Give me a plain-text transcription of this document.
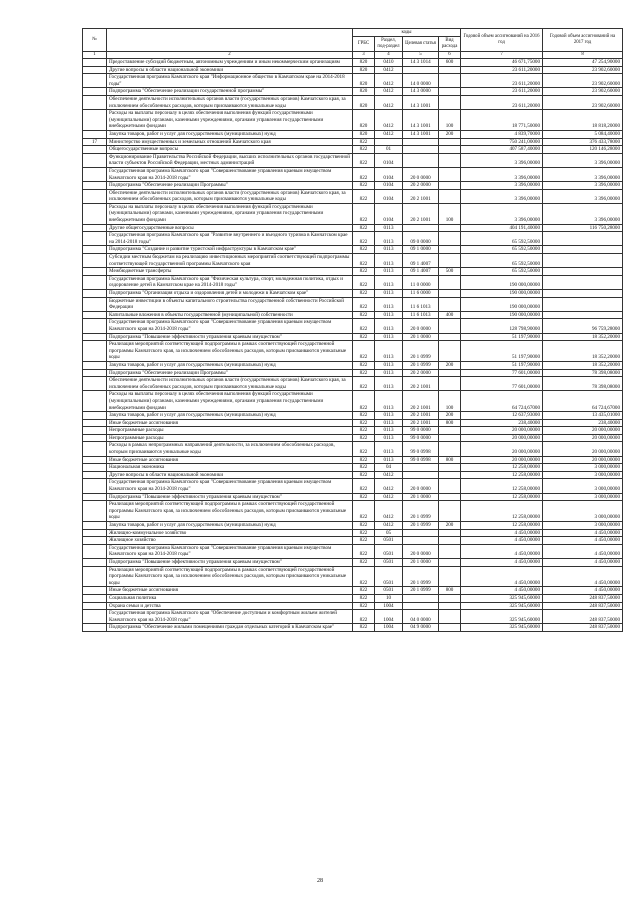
№		коды				Годовой объем ассигнований на 2016 год	Годовой объем ассигнований на 2017 год
		ГРБС	Раздел, под-раздел	Целевая статья	Вид расхода		
1	2	3	4	5	6	7	8
	Предоставление субсидий бюджетным, автономным учреждениям и иным некоммерческим организациям	820	0410	14 3 1014	600	46 671,75000	47 254,90000
	Другие вопросы в области национальной экономики	820	0412			23 611,20000	23 902,60000
	Государственная программа Камчатского края "Информационное общество в Камчатском крае на 2014-2018 годы"	820	0412	14 0 0000		23 611,20000	23 902,60000
	Подпрограмма "Обеспечение реализации государственной программы"	820	0412	14 3 0000		23 611,20000	23 902,60000
	Обеспечение деятельности исполнительных органов власти (государственных органов) Камчатского края, за исключением обособленных расходов, которым присваиваются уникальные коды	820	0412	14 3 1001		23 611,20000	23 902,60000
	Расходы на выплаты персоналу в целях обеспечения выполнения функций государственными (муниципальными) органами, казенными учреждениями, органами управления государственными внебюджетными фондами	820	0412	14 3 1001	100	18 771,50000	18 818,20000
	Закупка товаров, работ и услуг для государственных (муниципальных) нужд	820	0412	14 3 1001	200	4 839,70000	5 084,40000
17	Министерство имущественных и земельных отношений Камчатского края	822				750 241,00000	376 433,78000
	Общегосударственные вопросы	822	01			407 587,40000	120 146,28000
	Функционирование Правительства Российской Федерации, высших исполнительных органов государственной власти субъектов Российской Федерации, местных администраций	822	0104			3 396,00000	3 396,00000
	Государственная программа Камчатского края "Совершенствование управления краевым имуществом Камчатского края на 2014-2018 годы"	822	0104	20 0 0000		3 396,00000	3 396,00000
	Подпрограмма "Обеспечение реализации Программы"	822	0104	20 2 0000		3 396,00000	3 396,00000
	Обеспечение деятельности исполнительных органов власти (государственных органов) Камчатского края, за исключением обособленных расходов, которым присваиваются уникальные коды	822	0104	20 2 1001		3 396,00000	3 396,00000
	Расходы на выплаты персоналу в целях обеспечения выполнения функций государственными (муниципальными) органами, казенными учреждениями, органами управления государственными внебюджетными фондами	822	0104	20 2 1001	100	3 396,00000	3 396,00000
	Другие общегосударственные вопросы	822	0113			404 191,40000	116 750,28000
	Государственная программа Камчатского края "Развитие внутреннего и въездного туризма в Камчатском крае на 2014-2018 годы"	822	0113	09 0 0000		65 592,50000	
	Подпрограмма "Создание и развитие туристской инфраструктуры в Камчатском крае"	822	0113	09 1 0000		65 592,50000	
	Субсидии местным бюджетам на реализацию инвестиционных мероприятий соответствующей подпрограммы соответствующей государственной программы Камчатского края	822	0113	09 1 4007		65 592,50000	
	Межбюджетные трансферты	822	0113	09 1 4007	500	65 592,50000	
	Государственная программа Камчатского края "Физическая культура, спорт, молодежная политика, отдых и оздоровление детей в Камчатском крае на 2014-2018 годы"	822	0113	11 0 0000		190 000,00000	
	Подпрограмма "Организация отдыха и оздоровления детей и молодежи в Камчатском крае"	822	0113	11 6 0000		190 000,00000	
	Бюджетные инвестиции в объекты капитального строительства государственной собственности Российской Федерации	822	0113	11 6 1013		190 000,00000	
	Капитальные вложения в объекты государственной (муниципальной) собственности	822	0113	11 6 1013	400	190 000,00000	
	Государственная программа Камчатского края "Совершенствование управления краевым имуществом Камчатского края на 2014-2018 годы"	822	0113	20 0 0000		128 798,90000	96 759,28000
	Подпрограмма "Повышение эффективности управления краевым имуществом"	822	0113	20 1 0000		51 197,90000	18 352,20000
	Реализация мероприятий соответствующей подпрограммы в рамках соответствующей государственной программы Камчатского края, за исключением обособленных расходов, которым присваиваются уникальные коды	822	0113	20 1 0999		51 197,90000	18 352,20000
	Закупка товаров, работ и услуг для государственных (муниципальных) нужд	822	0113	20 1 0999	200	51 197,90000	18 352,20000
	Подпрограмма "Обеспечение реализации Программы"	822	0113	20 2 0000		77 601,00000	78 398,08000
	Обеспечение деятельности исполнительных органов власти (государственных органов) Камчатского края, за исключением обособленных расходов, которым присваиваются уникальные коды	822	0113	20 2 1001		77 601,00000	78 398,08000
	Расходы на выплаты персоналу в целях обеспечения выполнения функций государственными (муниципальными) органами, казенными учреждениями, органами управления государственными внебюджетными фондами	822	0113	20 2 1001	100	64 724,67000	64 724,67000
	Закупка товаров, работ и услуг для государственных (муниципальных) нужд	822	0113	20 2 1001	200	12 637,93000	13 435,01000
	Иные бюджетные ассигнования	822	0113	20 2 1001	800	238,40000	238,40000
	Непрограммные расходы	822	0113	99 0 0000		20 000,00000	20 000,00000
	Непрограммные расходы	822	0113	99 0 0000		20 000,00000	20 000,00000
	Расходы в рамках непрограммных направлений деятельности, за исключением обособленных расходов, которым присваиваются уникальные коды	822	0113	99 0 0998		20 000,00000	20 000,00000
	Иные бюджетные ассигнования	822	0113	99 0 0998	800	20 000,00000	20 000,00000
	Национальная экономика	822	04			12 258,00000	3 000,00000
	Другие вопросы в области национальной экономики	822	0412			12 258,00000	3 000,00000
	Государственная программа Камчатского края "Совершенствование управления краевым имуществом Камчатского края на 2014-2018 годы"	822	0412	20 0 0000		12 258,00000	3 000,00000
	Подпрограмма "Повышение эффективности управления краевым имуществом"	822	0412	20 1 0000		12 258,00000	3 000,00000
	Реализация мероприятий соответствующей подпрограммы в рамках соответствующей государственной программы Камчатского края, за исключением обособленных расходов, которым присваиваются уникальные коды	822	0412	20 1 0999		12 258,00000	3 000,00000
	Закупка товаров, работ и услуг для государственных (муниципальных) нужд	822	0412	20 1 0999	200	12 258,00000	3 000,00000
	Жилищно-коммунальное хозяйство	822	05			4 450,00000	4 450,00000
	Жилищное хозяйство	822	0501			4 450,00000	4 450,00000
	Государственная программа Камчатского края "Совершенствование управления краевым имуществом Камчатского края на 2014-2018 годы"	822	0501	20 0 0000		4 450,00000	4 450,00000
	Подпрограмма "Повышение эффективности управления краевым имуществом"	822	0501	20 1 0000		4 450,00000	4 450,00000
	Реализация мероприятий соответствующей подпрограммы в рамках соответствующей государственной программы Камчатского края, за исключением обособленных расходов, которым присваиваются уникальные коды	822	0501	20 1 0999		4 450,00000	4 450,00000
	Иные бюджетные ассигнования	822	0501	20 1 0999	800	4 450,00000	4 450,00000
	Социальная политика	822	10			325 945,60000	248 837,50000
	Охрана семьи и детства	822	1004			325 945,60000	248 837,50000
	Государственная программа Камчатского края "Обеспечение доступным и комфортным жильем жителей Камчатского края на 2014-2018 годы"	822	1004	04 0 0000		325 945,60000	248 837,50000
	Подпрограмма "Обеспечение жилыми помещениями граждан отдельных категорий в Камчатском крае"	822	1004	04 9 0000		325 945,60000	248 837,50000
28
